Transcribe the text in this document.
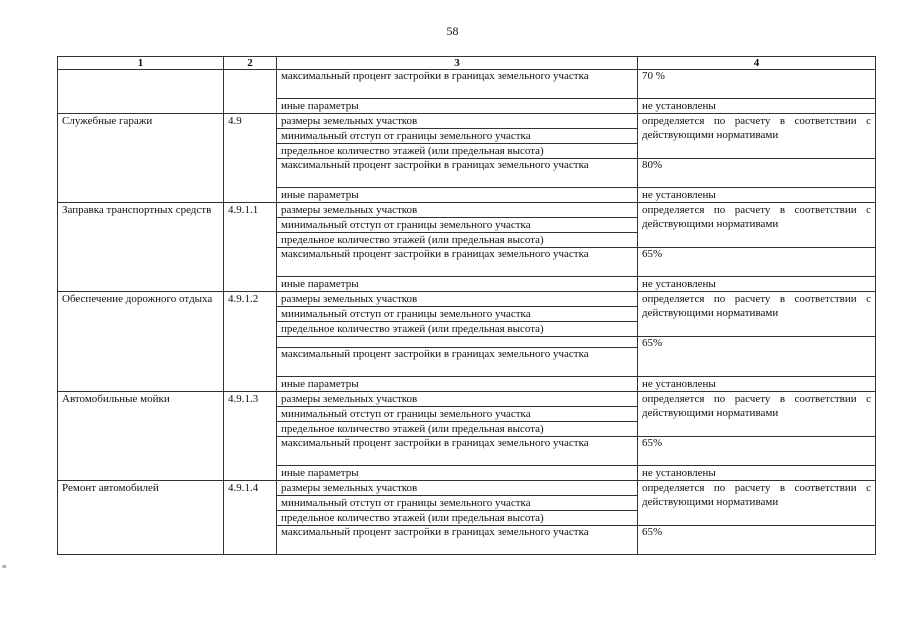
58
1	2	3	4
		максимальный процент застройки в границах земельного участка	70 %
		иные параметры	не установлены
Служебные гаражи	4.9	размеры земельных участков	определяется по расчету в соответствии с действующими нормативами
		минимальный отступ от границы земельного участка	
		предельное количество этажей (или предельная высота)	
		максимальный процент застройки в границах земельного участка	80%
		иные параметры	не установлены
Заправка транспортных средств	4.9.1.1	размеры земельных участков	определяется по расчету в соответствии с действующими нормативами
		минимальный отступ от границы земельного участка	
		предельное количество этажей (или предельная высота)	
		максимальный процент застройки в границах земельного участка	65%
		иные параметры	не установлены
Обеспечение дорожного отдыха	4.9.1.2	размеры земельных участков	определяется по расчету в соответствии с действующими нормативами
		минимальный отступ от границы земельного участка	
		предельное количество этажей (или предельная высота)	
			65%
		максимальный процент застройки в границах земельного участка	
		иные параметры	не установлены
Автомобильные мойки	4.9.1.3	размеры земельных участков	определяется по расчету в соответствии с действующими нормативами
		минимальный отступ от границы земельного участка	
		предельное количество этажей (или предельная высота)	
		максимальный процент застройки в границах земельного участка	65%
		иные параметры	не установлены
Ремонт автомобилей	4.9.1.4	размеры земельных участков	определяется по расчету в соответствии с действующими нормативами
		минимальный отступ от границы земельного участка	
		предельное количество этажей (или предельная высота)	
		максимальный процент застройки в границах земельного участка	65%
≡
